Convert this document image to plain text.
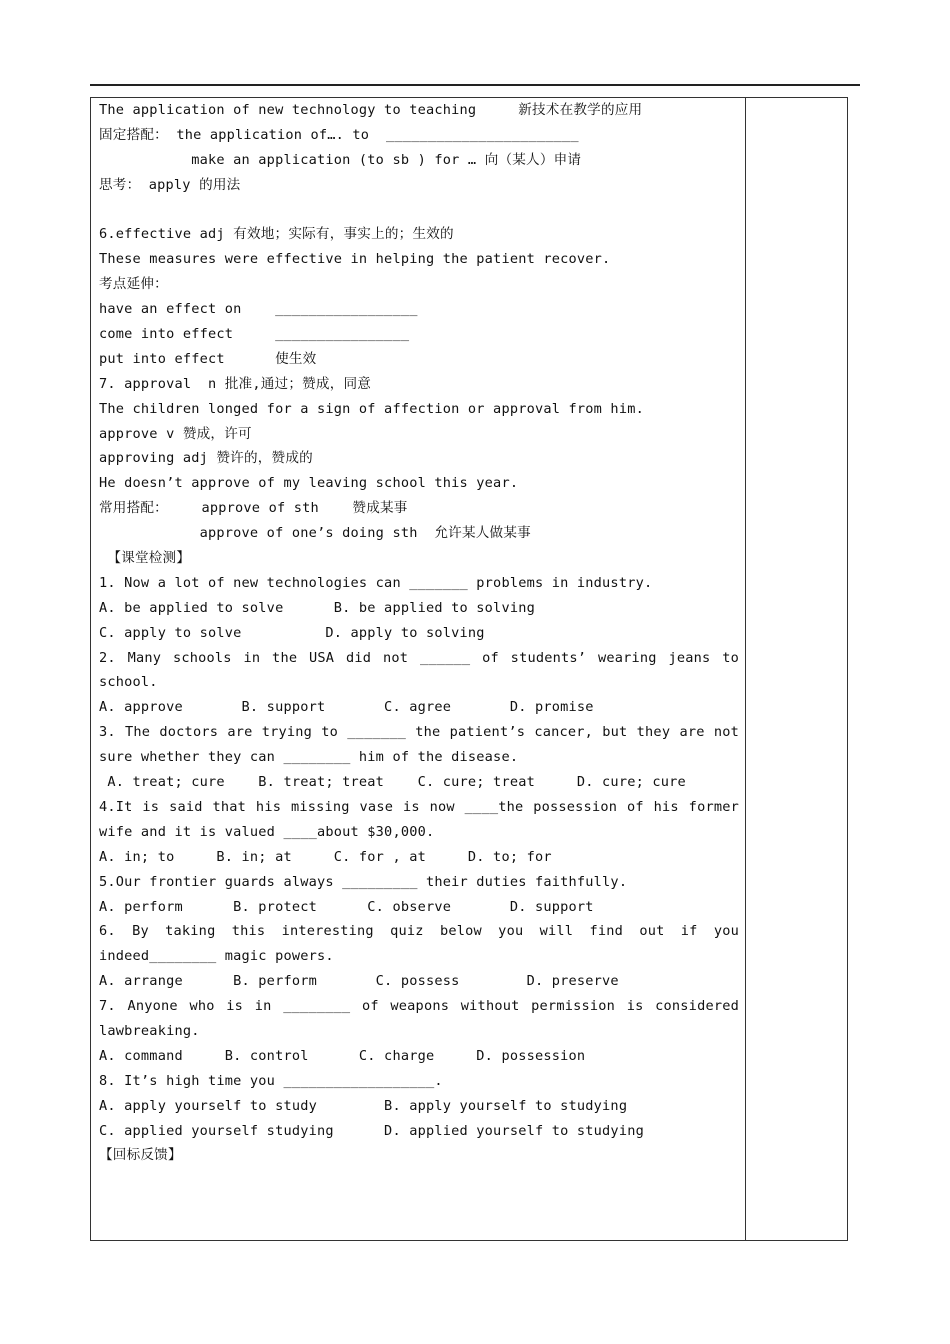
The application of new technology to teaching     新技术在教学的应用
固定搭配： the application of…. to  _______________________
make an application (to sb ) for … 向（某人）申请
思考： apply 的用法
6.effective adj 有效地；实际有，事实上的；生效的
These measures were effective in helping the patient recover.
考点延伸：
have an effect on    _________________
come into effect     ________________
put into effect      使生效
7. approval  n 批准,通过；赞成，同意
The children longed for a sign of affection or approval from him.
approve v 赞成，许可
approving adj 赞许的，赞成的
He doesn’t approve of my leaving school this year.
常用搭配：    approve of sth    赞成某事
approve of one’s doing sth  允许某人做某事
【课堂检测】
1. Now a lot of new technologies can _______ problems in industry.
A. be applied to solve      B. be applied to solving
C. apply to solve          D. apply to solving
2. Many schools in the USA did not ______ of students’ wearing jeans to
school.
A. approve       B. support       C. agree       D. promise
3. The doctors are trying to _______ the patient’s cancer, but they are not
sure whether they can ________ him of the disease.
A. treat; cure    B. treat; treat    C. cure; treat     D. cure; cure
4.It is said that his missing vase is now ____the possession of his former
wife and it is valued ____about $30,000.
A. in; to     B. in; at     C. for , at     D. to; for
5.Our frontier guards always _________ their duties faithfully.
A. perform      B. protect      C. observe       D. support
6. By taking this interesting quiz below you will find out if you
indeed________ magic powers.
A. arrange      B. perform       C. possess        D. preserve
7. Anyone who is in ________ of weapons without permission is considered
lawbreaking.
A. command     B. control      C. charge     D. possession
8. It’s high time you __________________.
A. apply yourself to study        B. apply yourself to studying
C. applied yourself studying      D. applied yourself to studying
【回标反馈】
